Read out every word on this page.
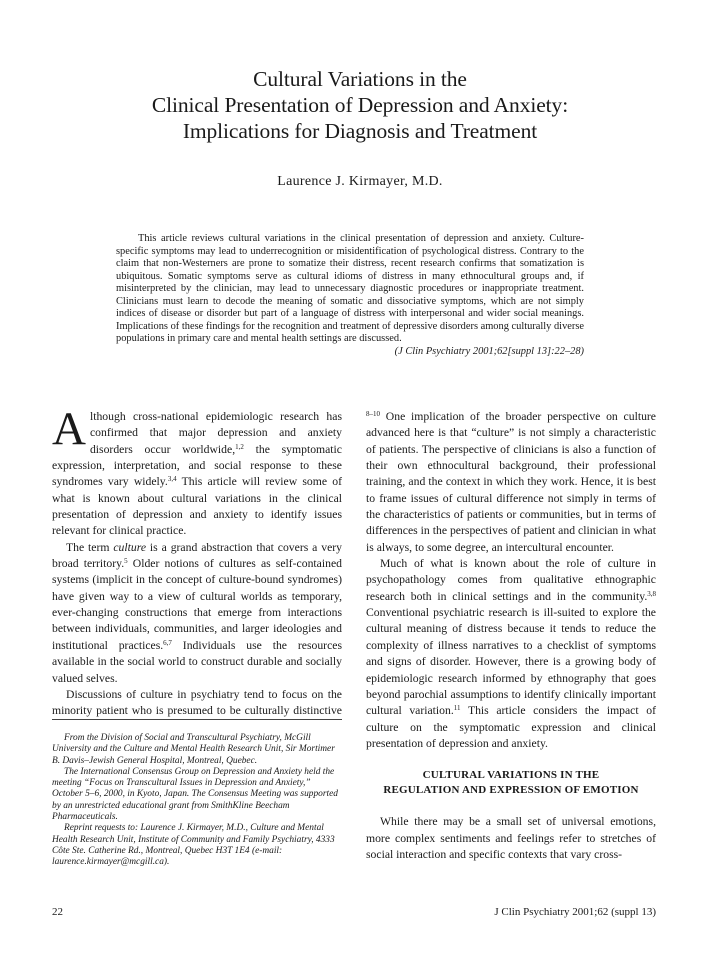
Cultural Variations in the
Clinical Presentation of Depression and Anxiety:
Implications for Diagnosis and Treatment
Laurence J. Kirmayer, M.D.
This article reviews cultural variations in the clinical presentation of depression and anxiety. Culture-specific symptoms may lead to underrecognition or misidentification of psychological distress. Contrary to the claim that non-Westerners are prone to somatize their distress, recent research confirms that somatization is ubiquitous. Somatic symptoms serve as cultural idioms of distress in many ethnocultural groups and, if misinterpreted by the clinician, may lead to unnecessary diagnostic procedures or inappropriate treatment. Clinicians must learn to decode the meaning of somatic and dissociative symptoms, which are not simply indices of disease or disorder but part of a language of distress with interpersonal and wider social meanings. Implications of these findings for the recognition and treatment of depressive disorders among culturally diverse populations in primary care and mental health settings are discussed.
(J Clin Psychiatry 2001;62[suppl 13]:22–28)

Although cross-national epidemiologic research has confirmed that major depression and anxiety disorders occur worldwide,$^{1,2}$ the symptomatic expression, interpretation, and social response to these syndromes vary widely.$^{3,4}$ This article will review some of what is known about cultural variations in the clinical presentation of depression and anxiety to identify issues relevant for clinical practice.

The term culture is a grand abstraction that covers a very broad territory.$^5$ Older notions of cultures as self-contained systems (implicit in the concept of culture-bound syndromes) have given way to a view of cultural worlds as temporary, ever-changing constructions that emerge from interactions between individuals, communities, and larger ideologies and institutional practices.$^{6,7}$ Individuals use the resources available in the social world to construct durable and socially valued selves.

Discussions of culture in psychiatry tend to focus on the minority patient who is presumed to be culturally distinctive

$^{8-10}$ One implication of the broader perspective on culture advanced here is that “culture” is not simply a characteristic of patients. The perspective of clinicians is also a function of their own ethnocultural background, their professional training, and the context in which they work. Hence, it is best to frame issues of cultural difference not simply in terms of the characteristics of patients or communities, but in terms of differences in the perspectives of patient and clinician in what is always, to some degree, an intercultural encounter.

Much of what is known about the role of culture in psychopathology comes from qualitative ethnographic research both in clinical settings and in the community.$^{3,8}$ Conventional psychiatric research is ill-suited to explore the cultural meaning of distress because it tends to reduce the complexity of illness narratives to a checklist of symptoms and signs of disorder. However, there is a growing body of epidemiologic research informed by ethnography that goes beyond parochial assumptions to identify clinically important cultural variation.$^{11}$ This article considers the impact of culture on the symptomatic expression and clinical presentation of depression and anxiety.

CULTURAL VARIATIONS IN THE
REGULATION AND EXPRESSION OF EMOTION

While there may be a small set of universal emotions, more complex sentiments and feelings refer to stretches of social interaction and specific contexts that vary cross-

From the Division of Social and Transcultural Psychiatry, McGill University and the Culture and Mental Health Research Unit, Sir Mortimer B. Davis–Jewish General Hospital, Montreal, Quebec.

The International Consensus Group on Depression and Anxiety held the meeting “Focus on Transcultural Issues in Depression and Anxiety,” October 5–6, 2000, in Kyoto, Japan. The Consensus Meeting was supported by an unrestricted educational grant from SmithKline Beecham Pharmaceuticals.

Reprint requests to: Laurence J. Kirmayer, M.D., Culture and Mental Health Research Unit, Institute of Community and Family Psychiatry, 4333 Côte Ste. Catherine Rd., Montreal, Quebec H3T 1E4 (e-mail: laurence.kirmayer@mcgill.ca).

22	J Clin Psychiatry 2001;62 (suppl 13)
